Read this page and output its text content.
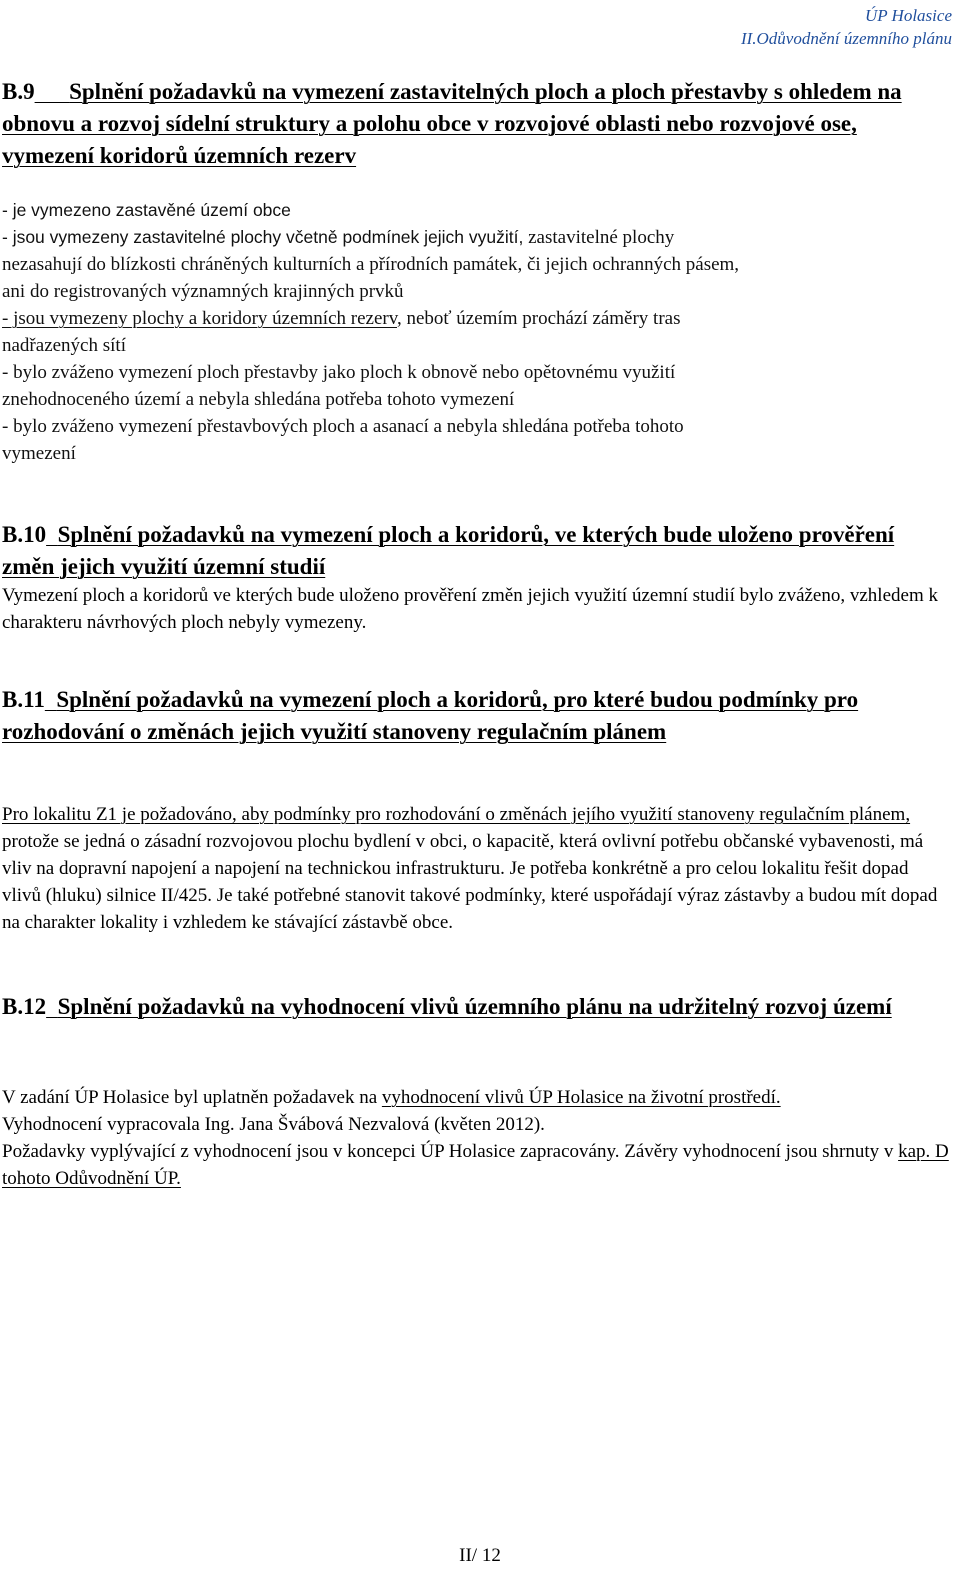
ÚP Holasice
II.Odůvodnění územního plánu
B.9 Splnění požadavků na vymezení zastavitelných ploch a ploch přestavby s ohledem na obnovu a rozvoj sídelní struktury a polohu obce v rozvojové oblasti nebo rozvojové ose, vymezení koridorů územních rezerv
- je vymezeno zastavěné území obce
- jsou vymezeny zastavitelné plochy včetně podmínek jejich využití, zastavitelné plochy
nezasahují do blízkosti chráněných kulturních a přírodních památek, či jejich ochranných pásem,
ani do registrovaných významných krajinných prvků
- jsou vymezeny plochy a koridory územních rezerv, neboť územím prochází záměry tras
nadřazených sítí
- bylo zváženo vymezení ploch přestavby jako ploch k obnově nebo opětovnému využití
znehodnoceného území a nebyla shledána potřeba tohoto vymezení
- bylo zváženo vymezení přestavbových ploch a asanací a nebyla shledána potřeba tohoto
vymezení
B.10 Splnění požadavků na vymezení ploch a koridorů, ve kterých bude uloženo prověření změn jejich využití územní studií
Vymezení ploch a koridorů ve kterých bude uloženo prověření změn jejich využití územní studií bylo zváženo, vzhledem k charakteru návrhových ploch nebyly vymezeny.
B.11 Splnění požadavků na vymezení ploch a koridorů, pro které budou podmínky pro rozhodování o změnách jejich využití stanoveny regulačním plánem
Pro lokalitu Z1 je požadováno, aby podmínky pro rozhodování o změnách jejího využití stanoveny regulačním plánem, protože se jedná o zásadní rozvojovou plochu bydlení v obci, o kapacitě, která ovlivní potřebu občanské vybavenosti, má vliv na dopravní napojení a napojení na technickou infrastrukturu. Je potřeba konkrétně a pro celou lokalitu řešit dopad vlivů (hluku) silnice II/425. Je také potřebné stanovit takové podmínky, které uspořádají výraz zástavby a budou mít dopad na charakter lokality i vzhledem ke stávající zástavbě obce.
B.12 Splnění požadavků na vyhodnocení vlivů územního plánu na udržitelný rozvoj území
V zadání ÚP Holasice byl uplatněn požadavek na vyhodnocení vlivů ÚP Holasice na životní prostředí.
Vyhodnocení vypracovala Ing. Jana Švábová Nezvalová (květen 2012).
Požadavky vyplývající z vyhodnocení jsou v koncepci ÚP Holasice zapracovány. Závěry vyhodnocení jsou shrnuty v kap. D tohoto Odůvodnění ÚP.
II/ 12
